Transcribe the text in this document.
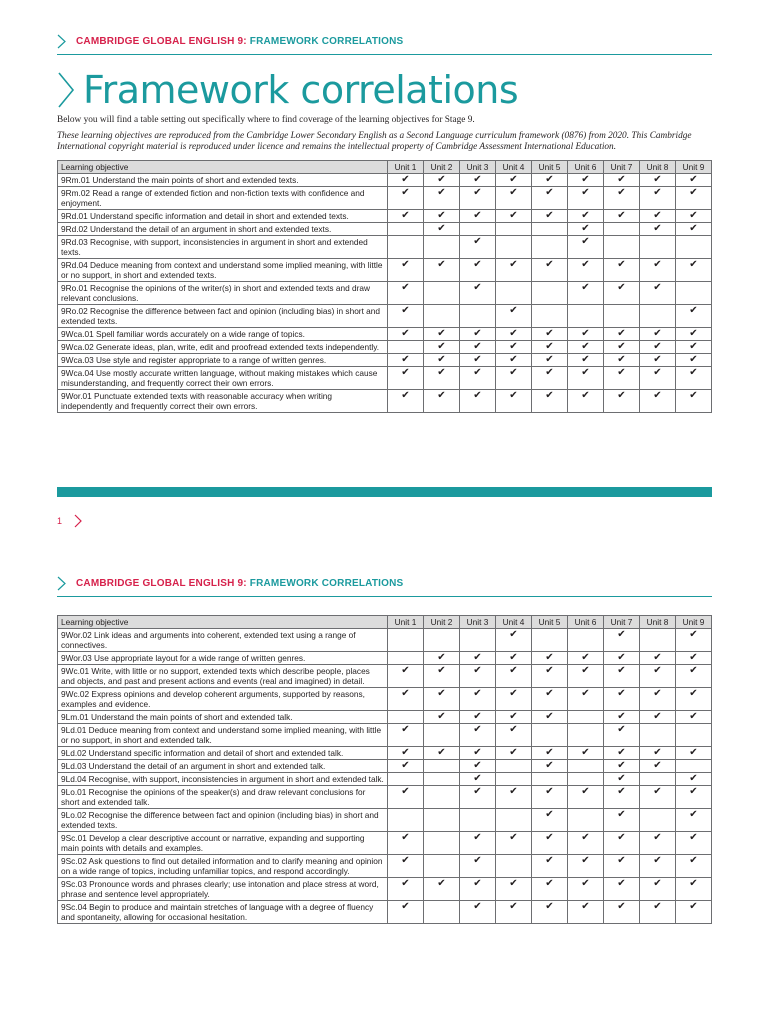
CAMBRIDGE GLOBAL ENGLISH 9: FRAMEWORK CORRELATIONS
Framework correlations

Below you will find a table setting out specifically where to find coverage of the learning objectives for Stage 9.

These learning objectives are reproduced from the Cambridge Lower Secondary English as a Second Language curriculum framework (0876) from 2020. This Cambridge International copyright material is reproduced under licence and remains the intellectual property of Cambridge Assessment International Education.

Learning objective	Unit 1	Unit 2	Unit 3	Unit 4	Unit 5	Unit 6	Unit 7	Unit 8	Unit 9
9Rm.01 Understand the main points of short and extended texts.	✔	✔	✔	✔	✔	✔	✔	✔	✔
9Rm.02 Read a range of extended fiction and non-fiction texts with confidence and enjoyment.	✔	✔	✔	✔	✔	✔	✔	✔	✔
9Rd.01 Understand specific information and detail in short and extended texts.	✔	✔	✔	✔	✔	✔	✔	✔	✔
9Rd.02 Understand the detail of an argument in short and extended texts.		✔				✔		✔	✔
9Rd.03 Recognise, with support, inconsistencies in argument in short and extended texts.			✔			✔			
9Rd.04 Deduce meaning from context and understand some implied meaning, with little or no support, in short and extended texts.	✔	✔	✔	✔	✔	✔	✔	✔	✔
9Ro.01 Recognise the opinions of the writer(s) in short and extended texts and draw relevant conclusions.	✔		✔			✔	✔	✔	
9Ro.02 Recognise the difference between fact and opinion (including bias) in short and extended texts.	✔			✔					✔
9Wca.01 Spell familiar words accurately on a wide range of topics.	✔	✔	✔	✔	✔	✔	✔	✔	✔
9Wca.02 Generate ideas, plan, write, edit and proofread extended texts independently.		✔	✔	✔	✔	✔	✔	✔	✔
9Wca.03 Use style and register appropriate to a range of written genres.	✔	✔	✔	✔	✔	✔	✔	✔	✔
9Wca.04 Use mostly accurate written language, without making mistakes which cause misunderstanding, and frequently correct their own errors.	✔	✔	✔	✔	✔	✔	✔	✔	✔
9Wor.01 Punctuate extended texts with reasonable accuracy when writing independently and frequently correct their own errors.	✔	✔	✔	✔	✔	✔	✔	✔	✔
1
CAMBRIDGE GLOBAL ENGLISH 9: FRAMEWORK CORRELATIONS
Learning objective	Unit 1	Unit 2	Unit 3	Unit 4	Unit 5	Unit 6	Unit 7	Unit 8	Unit 9
9Wor.02 Link ideas and arguments into coherent, extended text using a range of connectives.				✔			✔		✔
9Wor.03 Use appropriate layout for a wide range of written genres.		✔	✔	✔	✔	✔	✔	✔	✔
9Wc.01 Write, with little or no support, extended texts which describe people, places and objects, and past and present actions and events (real and imagined) in detail.	✔	✔	✔	✔	✔	✔	✔	✔	✔
9Wc.02 Express opinions and develop coherent arguments, supported by reasons, examples and evidence.	✔	✔	✔	✔	✔	✔	✔	✔	✔
9Lm.01 Understand the main points of short and extended talk.		✔	✔	✔	✔		✔	✔	✔
9Ld.01 Deduce meaning from context and understand some implied meaning, with little or no support, in short and extended talk.	✔		✔	✔			✔		
9Ld.02 Understand specific information and detail of short and extended talk.	✔	✔	✔	✔	✔	✔	✔	✔	✔
9Ld.03 Understand the detail of an argument in short and extended talk.	✔		✔		✔		✔	✔	
9Ld.04 Recognise, with support, inconsistencies in argument in short and extended talk.			✔				✔		✔
9Lo.01 Recognise the opinions of the speaker(s) and draw relevant conclusions for short and extended talk.	✔		✔	✔	✔	✔	✔	✔	✔
9Lo.02 Recognise the difference between fact and opinion (including bias) in short and extended texts.					✔		✔		✔
9Sc.01 Develop a clear descriptive account or narrative, expanding and supporting main points with details and examples.	✔		✔	✔	✔	✔	✔	✔	✔
9Sc.02 Ask questions to find out detailed information and to clarify meaning and opinion on a wide range of topics, including unfamiliar topics, and respond accordingly.	✔		✔		✔	✔	✔	✔	✔
9Sc.03 Pronounce words and phrases clearly; use intonation and place stress at word, phrase and sentence level appropriately.	✔	✔	✔	✔	✔	✔	✔	✔	✔
9Sc.04 Begin to produce and maintain stretches of language with a degree of fluency and spontaneity, allowing for occasional hesitation.	✔		✔	✔	✔	✔	✔	✔	✔
